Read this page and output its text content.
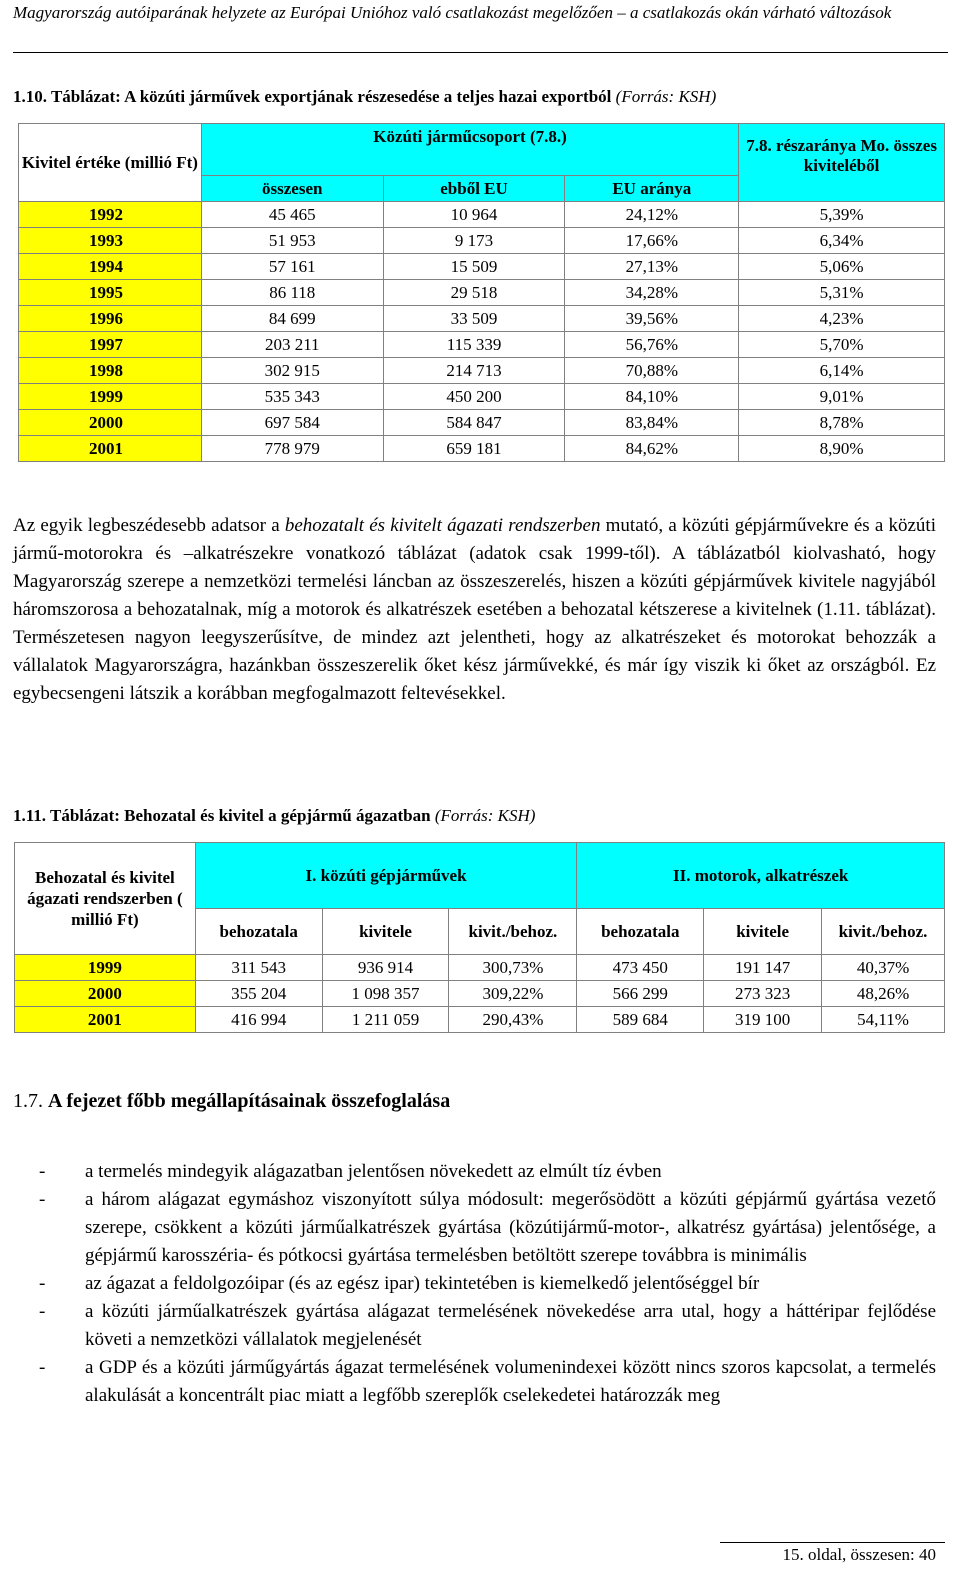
Magyarország autóiparának helyzete az Európai Unióhoz való csatlakozást megelőzően – a csatlakozás okán várható változások
1.10. Táblázat: A közúti járművek exportjának részesedése a teljes hazai exportból (Forrás: KSH)
Kivitel értéke (millió Ft)	Közúti járműcsoport (7.8.)			7.8. részaránya Mo. összes kiviteléből
	összesen	ebből EU	EU aránya	
1992	45 465	10 964	24,12%	5,39%
1993	51 953	9 173	17,66%	6,34%
1994	57 161	15 509	27,13%	5,06%
1995	86 118	29 518	34,28%	5,31%
1996	84 699	33 509	39,56%	4,23%
1997	203 211	115 339	56,76%	5,70%
1998	302 915	214 713	70,88%	6,14%
1999	535 343	450 200	84,10%	9,01%
2000	697 584	584 847	83,84%	8,78%
2001	778 979	659 181	84,62%	8,90%
Az egyik legbeszédesebb adatsor a behozatalt és kivitelt ágazati rendszerben mutató, a közúti gépjárművekre és a közúti jármű-motorokra és –alkatrészekre vonatkozó táblázat (adatok csak 1999-től). A táblázatból kiolvasható, hogy Magyarország szerepe a nemzetközi termelési láncban az összeszerelés, hiszen a közúti gépjárművek kivitele nagyjából háromszorosa a behozatalnak, míg a motorok és alkatrészek esetében a behozatal kétszerese a kivitelnek (1.11. táblázat). Természetesen nagyon leegyszerűsítve, de mindez azt jelentheti, hogy az alkatrészeket és motorokat behozzák a vállalatok Magyarországra, hazánkban összeszerelik őket kész járművekké, és már így viszik ki őket az országból. Ez egybecsengeni látszik a korábban megfogalmazott feltevésekkel.
1.11. Táblázat: Behozatal és kivitel a gépjármű ágazatban (Forrás: KSH)
Behozatal és kivitel ágazati rendszerben ( millió Ft)	I. közúti gépjárművek			II. motorok, alkatrészek		
	behozatala	kivitele	kivit./behoz.	behozatala	kivitele	kivit./behoz.
1999	311 543	936 914	300,73%	473 450	191 147	40,37%
2000	355 204	1 098 357	309,22%	566 299	273 323	48,26%
2001	416 994	1 211 059	290,43%	589 684	319 100	54,11%
1.7. A fejezet főbb megállapításainak összefoglalása
- a termelés mindegyik alágazatban jelentősen növekedett az elmúlt tíz évben
- a három alágazat egymáshoz viszonyított súlya módosult: megerősödött a közúti gépjármű gyártása vezető szerepe, csökkent a közúti járműalkatrészek gyártása (közútijármű-motor-, alkatrész gyártása) jelentősége, a gépjármű karosszéria- és pótkocsi gyártása termelésben betöltött szerepe továbbra is minimális
- az ágazat a feldolgozóipar (és az egész ipar) tekintetében is kiemelkedő jelentőséggel bír
- a közúti járműalkatrészek gyártása alágazat termelésének növekedése arra utal, hogy a háttéripar fejlődése követi a nemzetközi vállalatok megjelenését
- a GDP és a közúti járműgyártás ágazat termelésének volumenindexei között nincs szoros kapcsolat, a termelés alakulását a koncentrált piac miatt a legfőbb szereplők cselekedetei határozzák meg
15. oldal, összesen: 40
